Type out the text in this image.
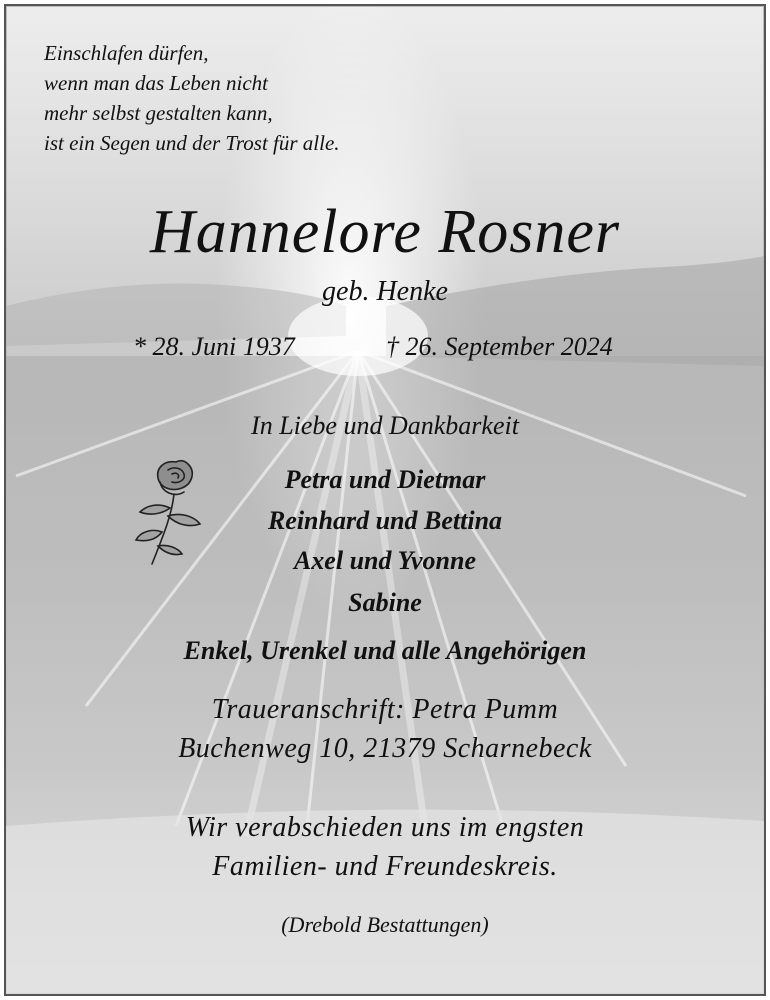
Einschlafen dürfen,
wenn man das Leben nicht
mehr selbst gestalten kann,
ist ein Segen und der Trost für alle.
Hannelore Rosner
geb. Henke
* 28. Juni 1937	† 26. September 2024
In Liebe und Dankbarkeit
Petra und Dietmar
Reinhard und Bettina
Axel und Yvonne
Sabine
Enkel, Urenkel und alle Angehörigen
Traueranschrift: Petra Pumm
Buchenweg 10, 21379 Scharnebeck
Wir verabschieden uns im engsten
Familien- und Freundeskreis.
(Drebold Bestattungen)
